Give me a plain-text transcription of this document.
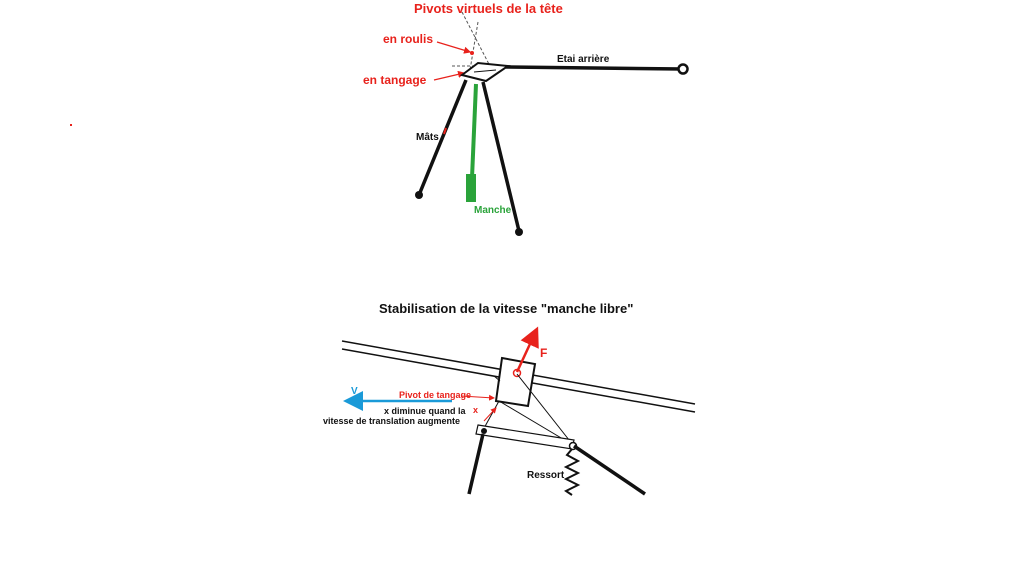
Pivots virtuels de la tête
en roulis
en tangage
Etai arrière
Mâts
Manche
Stabilisation de la vitesse "manche libre"
F
V	Pivot de tangage
x
x diminue quand la
vitesse de translation augmente
Ressort
